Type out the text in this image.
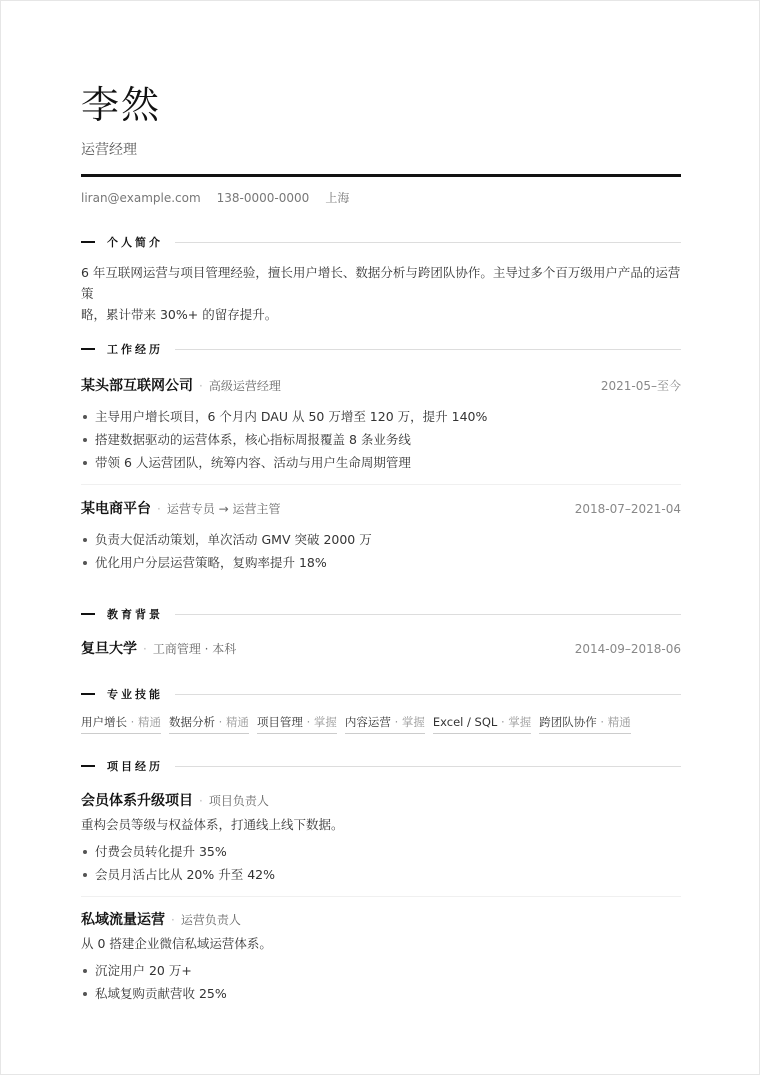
李然
运营经理
liran@example.com 138-0000-0000 上海
个人简介
6 年互联网运营与项目管理经验，擅长用户增长、数据分析与跨团队协作。主导过多个百万级用户产品的运营策
略，累计带来 30%+ 的留存提升。
工作经历
某头部互联网公司 · 高级运营经理	2021-05–至今
主导用户增长项目，6 个月内 DAU 从 50 万增至 120 万，提升 140%
搭建数据驱动的运营体系，核心指标周报覆盖 8 条业务线
带领 6 人运营团队，统筹内容、活动与用户生命周期管理
某电商平台 · 运营专员 → 运营主管	2018-07–2021-04
负责大促活动策划，单次活动 GMV 突破 2000 万
优化用户分层运营策略，复购率提升 18%
教育背景
复旦大学 · 工商管理 · 本科	2014-09–2018-06
专业技能
用户增长 · 精通 数据分析 · 精通 项目管理 · 掌握 内容运营 · 掌握 Excel / SQL · 掌握 跨团队协作 · 精通
项目经历
会员体系升级项目 · 项目负责人
重构会员等级与权益体系，打通线上线下数据。
付费会员转化提升 35%
会员月活占比从 20% 升至 42%
私域流量运营 · 运营负责人
从 0 搭建企业微信私域运营体系。
沉淀用户 20 万+
私域复购贡献营收 25%
